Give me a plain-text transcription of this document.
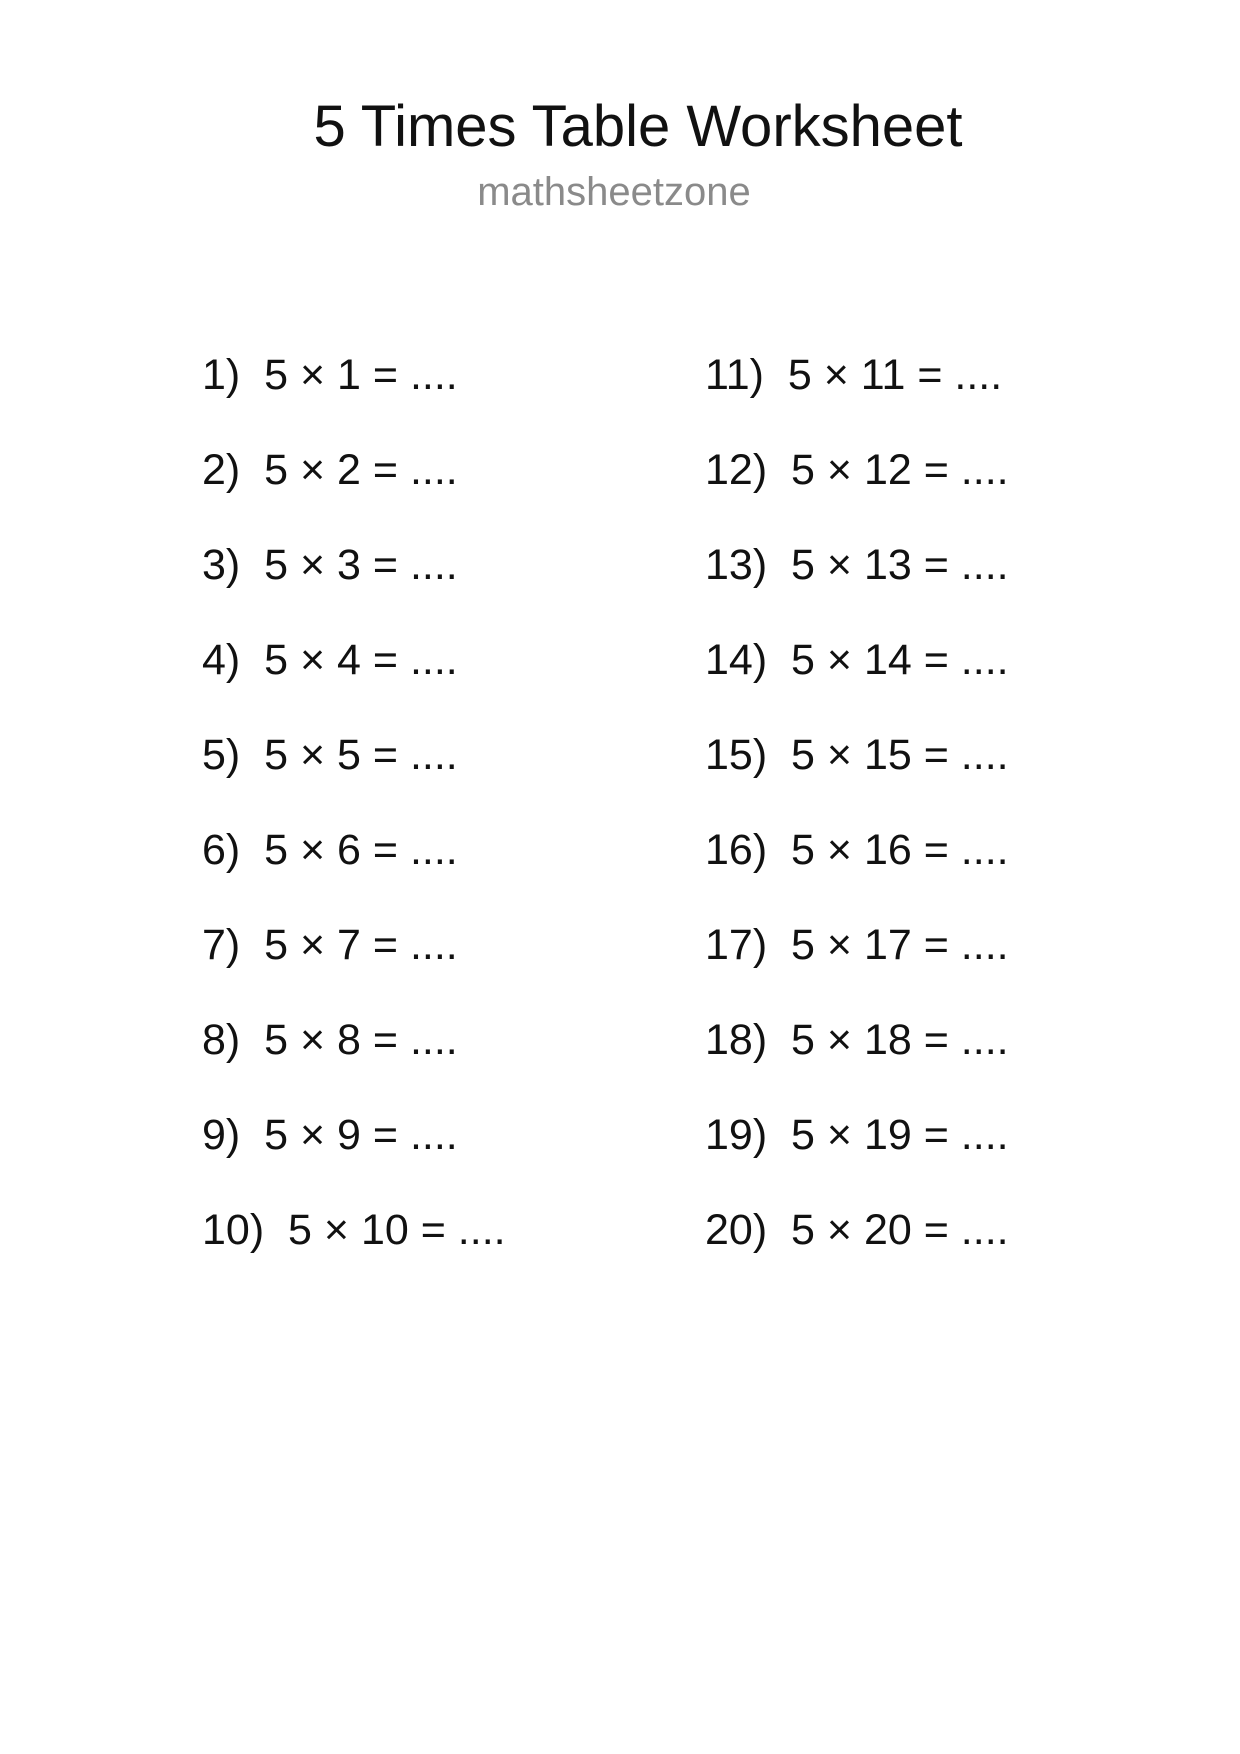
5 Times Table Worksheet
mathsheetzone
1)  5 × 1 = ....
2)  5 × 2 = ....
3)  5 × 3 = ....
4)  5 × 4 = ....
5)  5 × 5 = ....
6)  5 × 6 = ....
7)  5 × 7 = ....
8)  5 × 8 = ....
9)  5 × 9 = ....
10)  5 × 10 = ....
11)  5 × 11 = ....
12)  5 × 12 = ....
13)  5 × 13 = ....
14)  5 × 14 = ....
15)  5 × 15 = ....
16)  5 × 16 = ....
17)  5 × 17 = ....
18)  5 × 18 = ....
19)  5 × 19 = ....
20)  5 × 20 = ....
